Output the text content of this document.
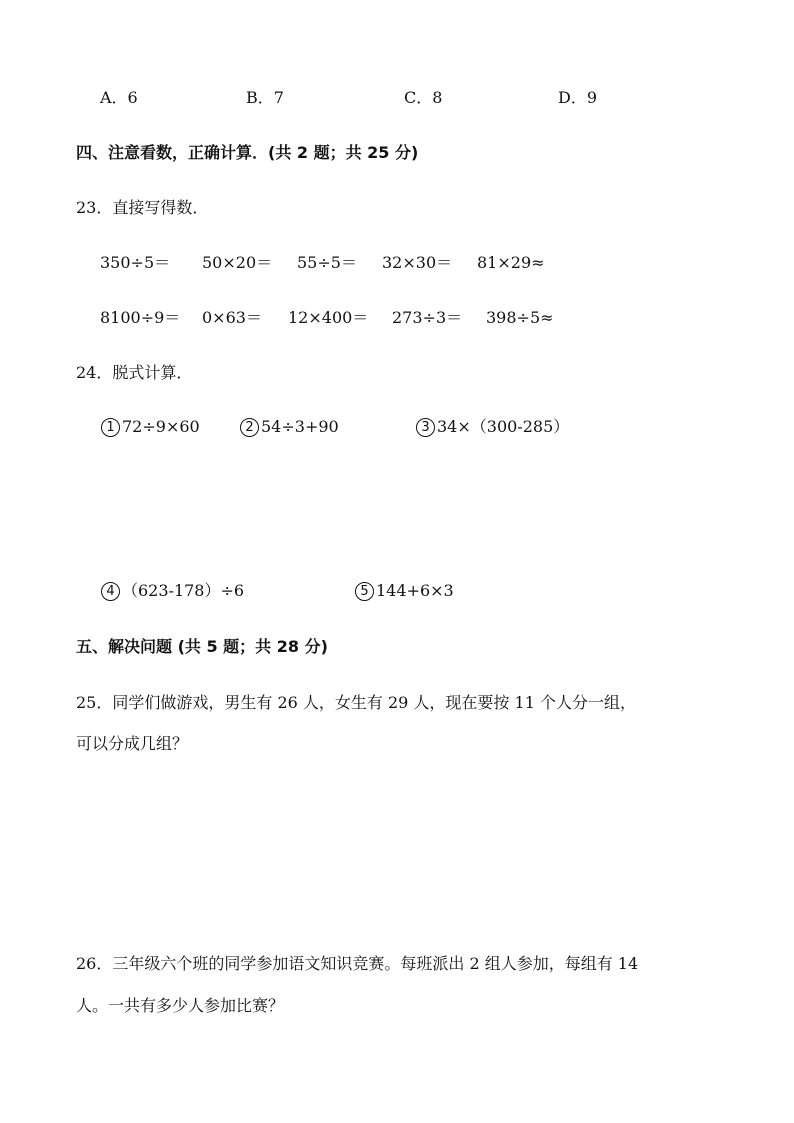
A．6	B．7	C．8	D．9
四、注意看数，正确计算．(共 2 题；共 25 分)
23．直接写得数．
350÷5＝ 50×20＝ 55÷5＝ 32×30＝ 81×29≈
8100÷9＝ 0×63＝ 12×400＝ 273÷3＝ 398÷5≈
24．脱式计算．
1 72÷9×60	2 54÷3+90	3 34×（300-285）
4 （623-178）÷6	5 144+6×3
五、解决问题 (共 5 题；共 28 分)
25．同学们做游戏，男生有 26 人，女生有 29 人，现在要按 11 个人分一组，
可以分成几组？
26．三年级六个班的同学参加语文知识竞赛。每班派出 2 组人参加，每组有 14
人。一共有多少人参加比赛？
